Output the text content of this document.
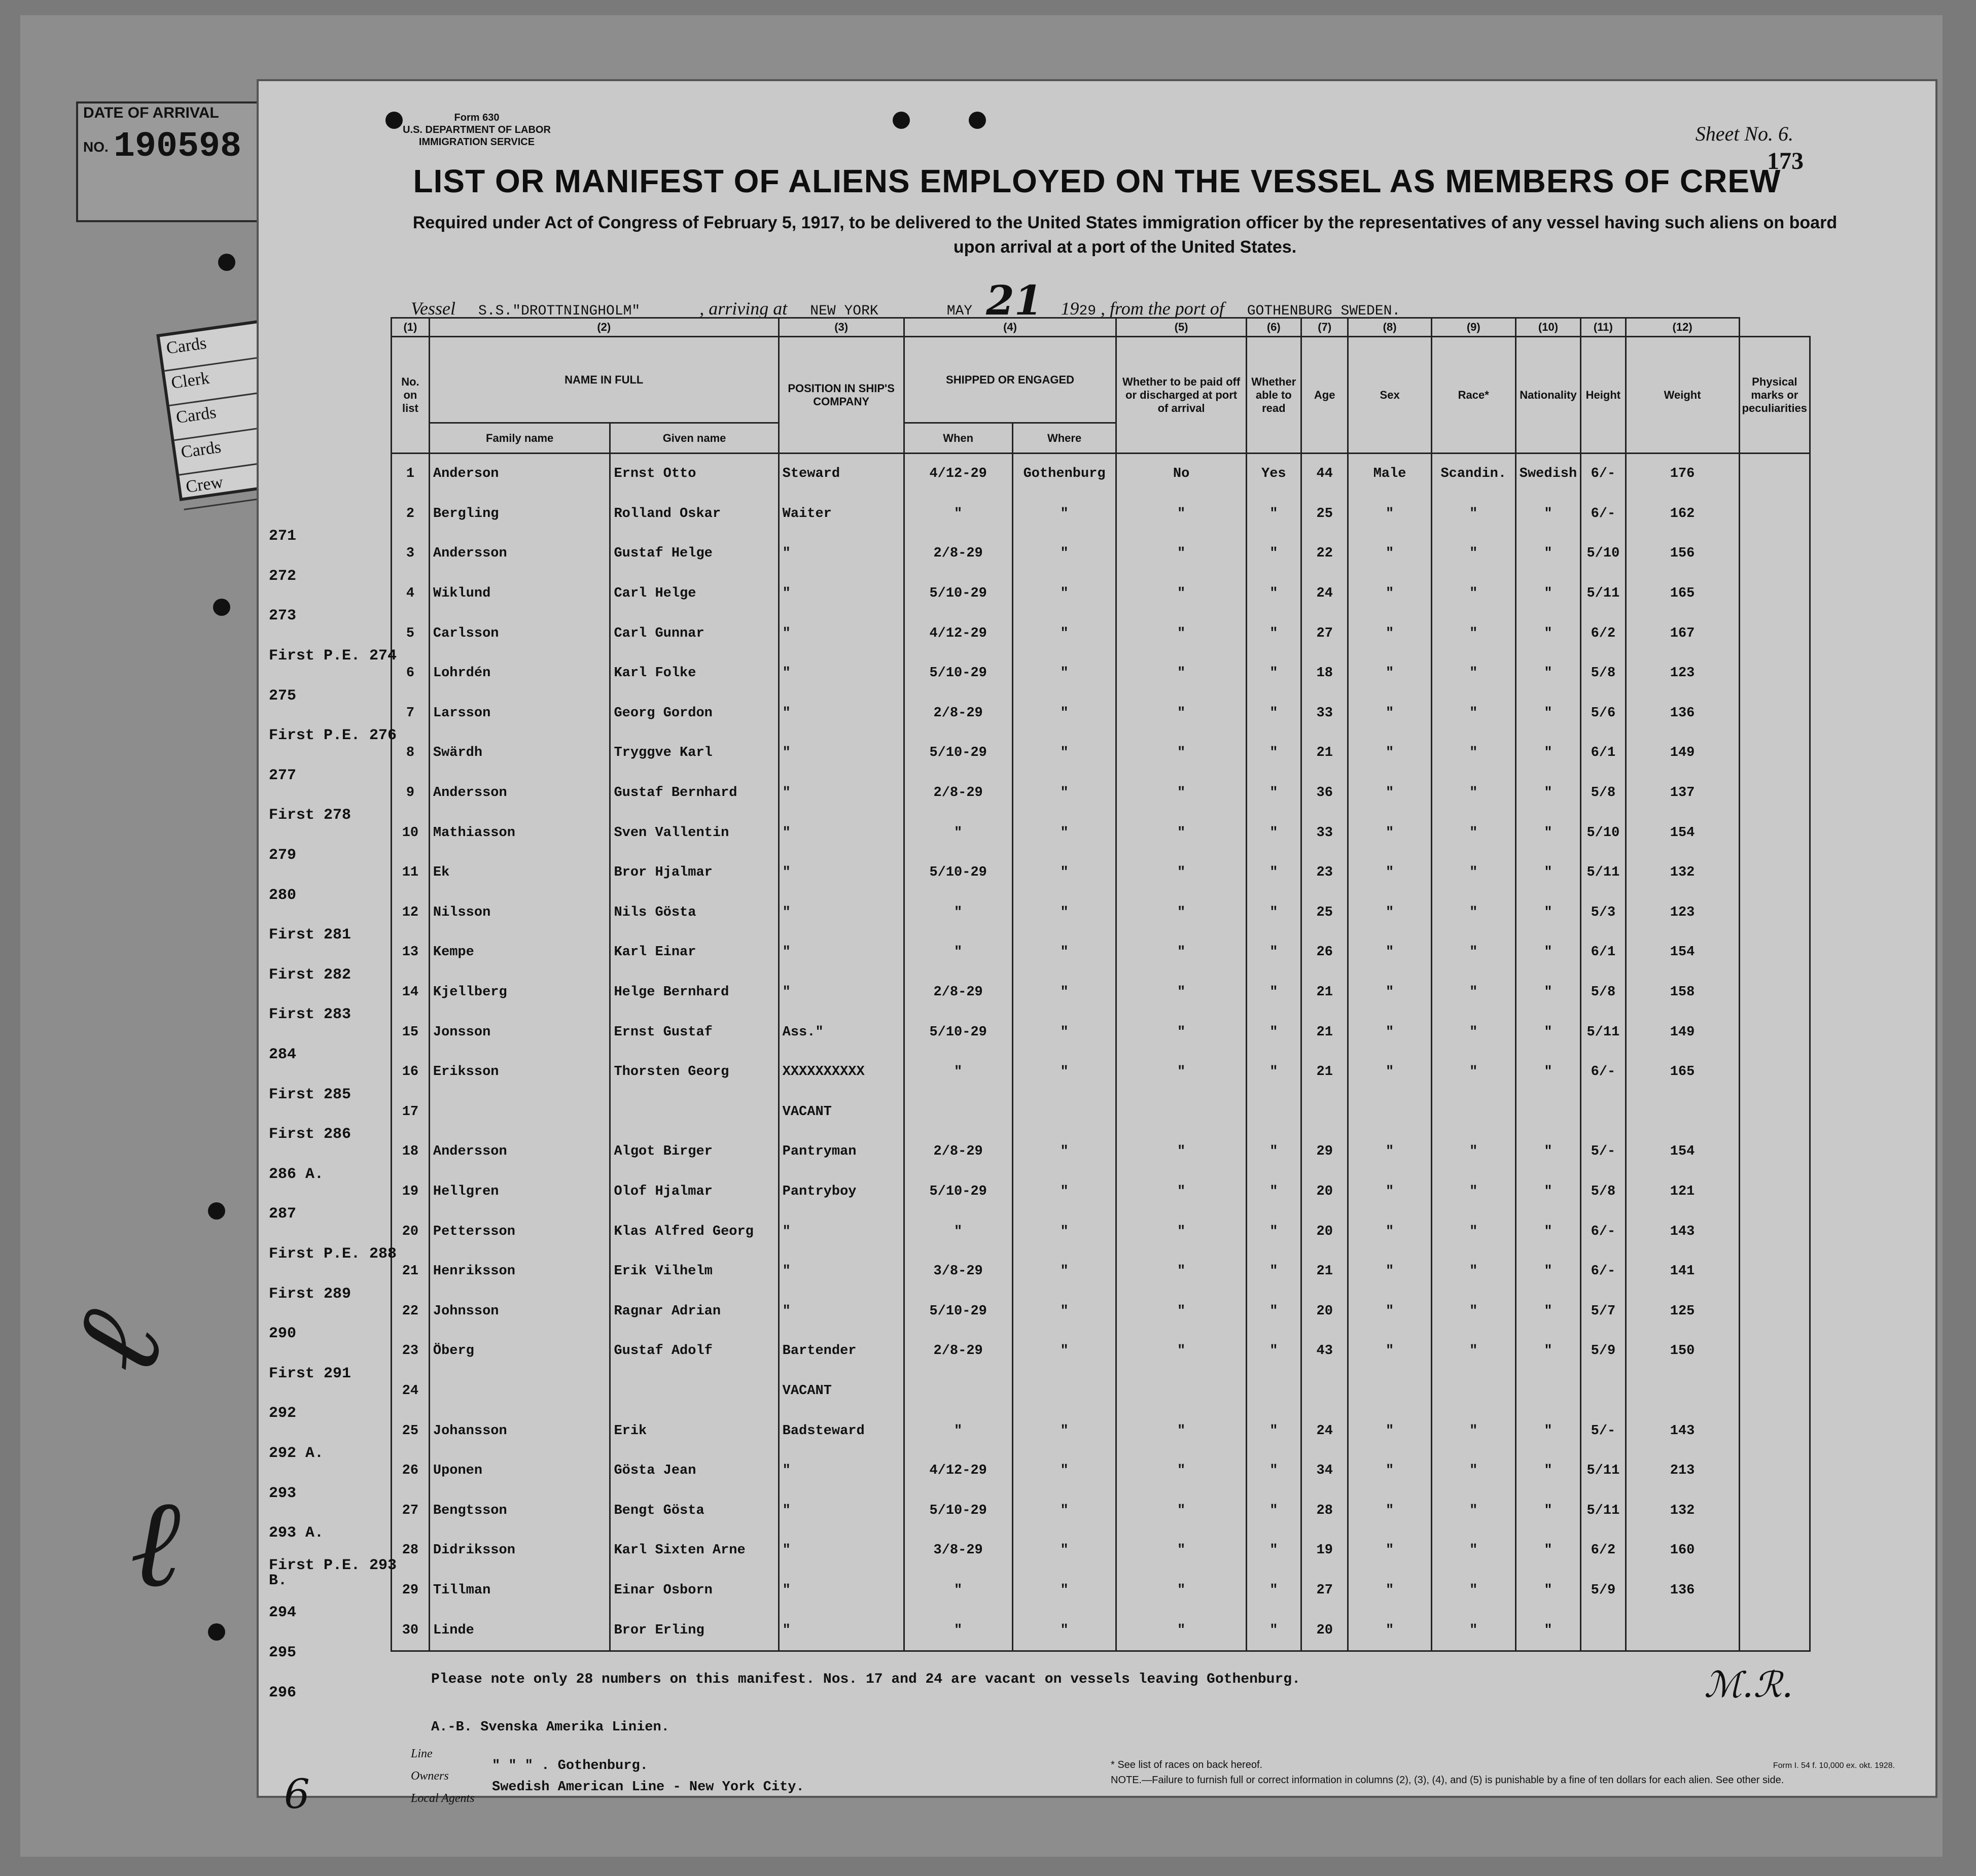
DATE OF ARRIVAL
NO. 190598
Cards
Clerk
Cards
Cards
Crew
ℓ
ℓ
Form 630
U.S. DEPARTMENT OF LABOR
IMMIGRATION SERVICE	Sheet No. 6.
173
LIST OR MANIFEST OF ALIENS EMPLOYED ON THE VESSEL AS MEMBERS OF CREW
Required under Act of Congress of February 5, 1917, to be delivered to the United States immigration officer by the representatives of any vessel having such aliens on board upon arrival at a port of the United States.
Vessel S.S."DROTTNINGHOLM"	, arriving at NEW YORK	MAY 21 1929 , from the port of GOTHENBURG SWEDEN.
(1)	(2)		(3)	(4)		(5)	(6)	(7)	(8)	(9)	(10)	(11)	(12)	
No. on list	NAME IN FULL		POSITION IN SHIP'S COMPANY	SHIPPED OR ENGAGED		Whether to be paid off or discharged at port of arrival	Whether able to read	Age	Sex	Race*	Nationality	Height	Weight	Physical marks or peculiarities
	Family name	Given name		When	Where									
1	Anderson	Ernst Otto	Steward	4/12-29	Gothenburg	No	Yes	44	Male	Scandin.	Swedish	6/-	176	
2	Bergling	Rolland Oskar	Waiter	"	"	"	"	25	"	"	"	6/-	162	
3	Andersson	Gustaf Helge	"	2/8-29	"	"	"	22	"	"	"	5/10	156	
4	Wiklund	Carl Helge	"	5/10-29	"	"	"	24	"	"	"	5/11	165	
5	Carlsson	Carl Gunnar	"	4/12-29	"	"	"	27	"	"	"	6/2	167	
6	Lohrdén	Karl Folke	"	5/10-29	"	"	"	18	"	"	"	5/8	123	
7	Larsson	Georg Gordon	"	2/8-29	"	"	"	33	"	"	"	5/6	136	
8	Swärdh	Tryggve Karl	"	5/10-29	"	"	"	21	"	"	"	6/1	149	
9	Andersson	Gustaf Bernhard	"	2/8-29	"	"	"	36	"	"	"	5/8	137	
10	Mathiasson	Sven Vallentin	"	"	"	"	"	33	"	"	"	5/10	154	
11	Ek	Bror Hjalmar	"	5/10-29	"	"	"	23	"	"	"	5/11	132	
12	Nilsson	Nils Gösta	"	"	"	"	"	25	"	"	"	5/3	123	
13	Kempe	Karl Einar	"	"	"	"	"	26	"	"	"	6/1	154	
14	Kjellberg	Helge Bernhard	"	2/8-29	"	"	"	21	"	"	"	5/8	158	
15	Jonsson	Ernst Gustaf	Ass."	5/10-29	"	"	"	21	"	"	"	5/11	149	
16	Eriksson	Thorsten Georg	XXXXXXXXXX	"	"	"	"	21	"	"	"	6/-	165	
17			VACANT											
18	Andersson	Algot Birger	Pantryman	2/8-29	"	"	"	29	"	"	"	5/-	154	
19	Hellgren	Olof Hjalmar	Pantryboy	5/10-29	"	"	"	20	"	"	"	5/8	121	
20	Pettersson	Klas Alfred Georg	"	"	"	"	"	20	"	"	"	6/-	143	
21	Henriksson	Erik Vilhelm	"	3/8-29	"	"	"	21	"	"	"	6/-	141	
22	Johnsson	Ragnar Adrian	"	5/10-29	"	"	"	20	"	"	"	5/7	125	
23	Öberg	Gustaf Adolf	Bartender	2/8-29	"	"	"	43	"	"	"	5/9	150	
24			VACANT											
25	Johansson	Erik	Badsteward	"	"	"	"	24	"	"	"	5/-	143	
26	Uponen	Gösta Jean	"	4/12-29	"	"	"	34	"	"	"	5/11	213	
27	Bengtsson	Bengt Gösta	"	5/10-29	"	"	"	28	"	"	"	5/11	132	
28	Didriksson	Karl Sixten Arne	"	3/8-29	"	"	"	19	"	"	"	6/2	160	
29	Tillman	Einar Osborn	"	"	"	"	"	27	"	"	"	5/9	136	
30	Linde	Bror Erling	"	"	"	"	"	20	"	"	"			
271
272
273
First P.E. 274
275
First P.E. 276
277
First 278
279
280
First 281
First 282
First 283
284
First 285
First 286
286 A.
287
First P.E. 288
First 289
290
First 291
292
292 A.
293
293 A.
First P.E. 293 B.
294
295
296
Please note only 28 numbers on this manifest. Nos. 17 and 24 are vacant on vessels leaving Gothenburg.	ℳ.ℛ.
A.-B. Svenska Amerika Linien.
Line
Owners
" " " . Gothenburg.	* See list of races on back hereof.
NOTE.—Failure to furnish full or correct information in columns (2), (3), (4), and (5) is punishable by a fine of ten dollars for each alien. See other side.
Local Agents
Swedish American Line - New York City.
Form I. 54 f. 10,000 ex. okt. 1928.
6
